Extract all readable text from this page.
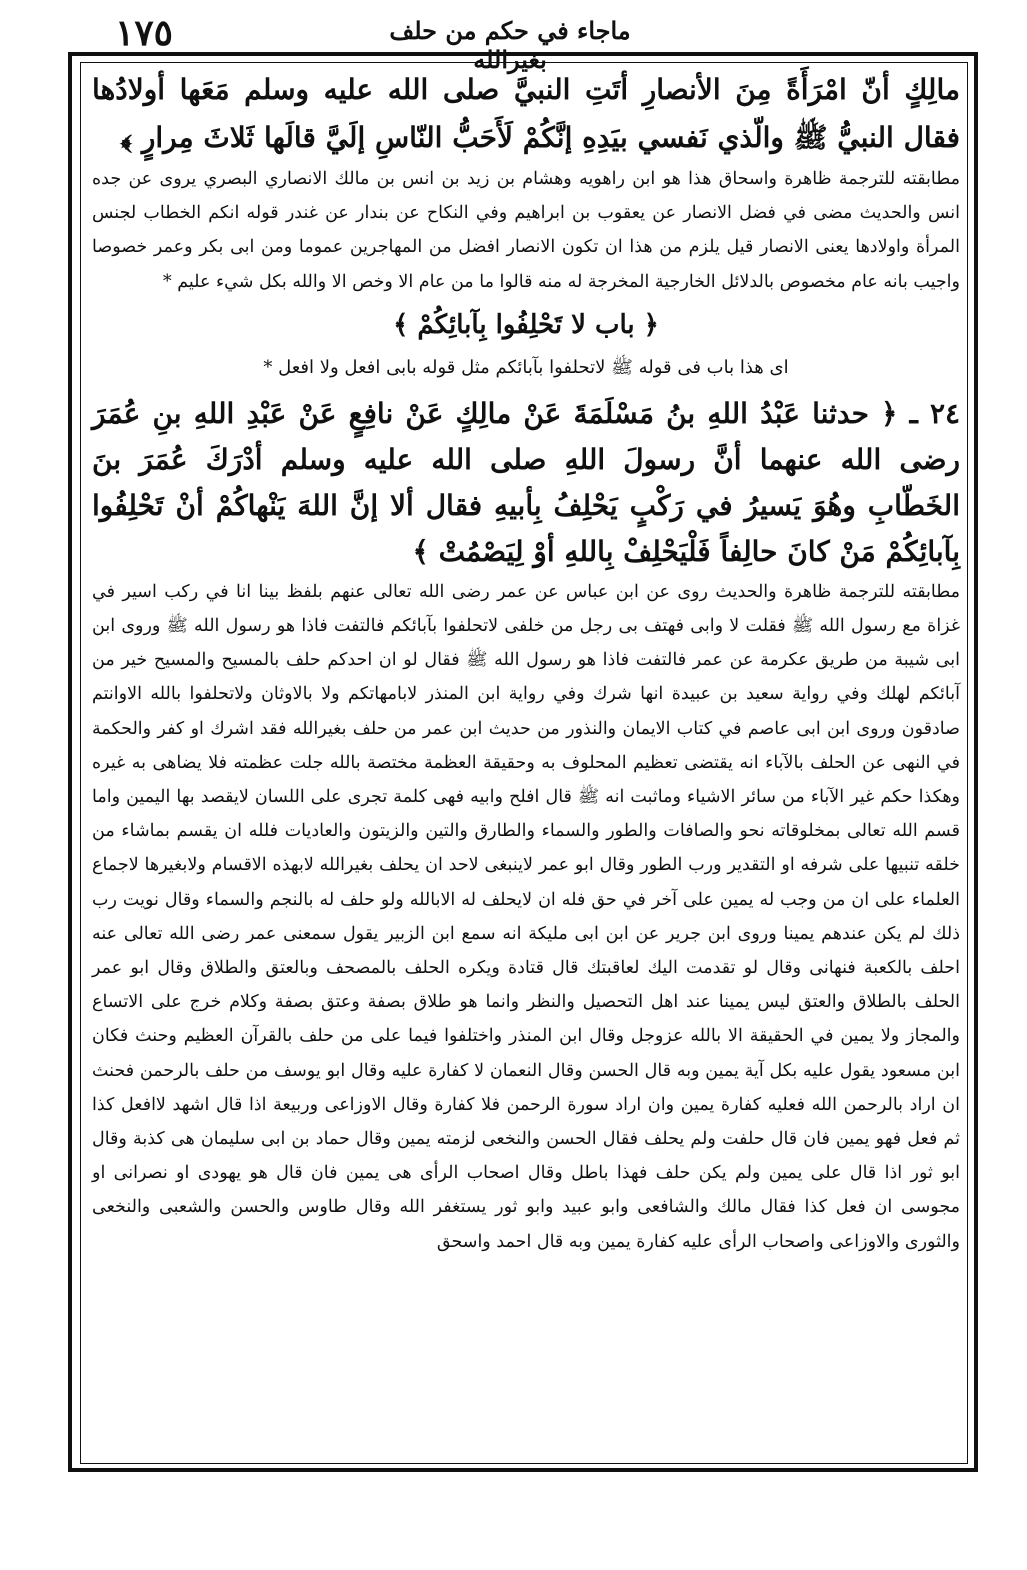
١٧٥	ماجاء في حكم من حلف بغيرالله

مالِكٍ أنّ امْرَأَةً مِنَ الأنصارِ أتَتِ النبيَّ صلى الله عليه وسلم مَعَها أولادُها فقال النبيُّ ﷺ والّذي نَفسي بيَدِهِ إنَّكُمْ لَأَحَبُّ النّاسِ إلَيَّ قالَها ثَلاثَ مِرارٍ ﴾

مطابقته للترجمة ظاهرة واسحاق هذا هو ابن راهويه وهشام بن زيد بن انس بن مالك الانصاري البصري يروى عن جده انس والحديث مضى في فضل الانصار عن يعقوب بن ابراهيم وفي النكاح عن بندار عن غندر قوله انكم الخطاب لجنس المرأة واولادها يعنى الانصار قيل يلزم من هذا ان تكون الانصار افضل من المهاجرين عموما ومن ابى بكر وعمر خصوصا واجيب بانه عام مخصوص بالدلائل الخارجية المخرجة له منه قالوا ما من عام الا وخص الا والله بكل شيء عليم *

﴿ باب لا تَحْلِفُوا بِآبائِكُمْ ﴾

اى هذا باب فى قوله ﷺ لاتحلفوا بآبائكم مثل قوله بابى افعل ولا افعل *

٢٤ ـ ﴿ حدثنا عَبْدُ اللهِ بنُ مَسْلَمَةَ عَنْ مالِكٍ عَنْ نافِعٍ عَنْ عَبْدِ اللهِ بنِ عُمَرَ رضى الله عنهما أنَّ رسولَ اللهِ صلى الله عليه وسلم أدْرَكَ عُمَرَ بنَ الخَطّابِ وهُوَ يَسيرُ في رَكْبٍ يَحْلِفُ بِأبيهِ فقال ألا إنَّ اللهَ يَنْهاكُمْ أنْ تَحْلِفُوا بِآبائِكُمْ مَنْ كانَ حالِفاً فَلْيَحْلِفْ بِاللهِ أوْ لِيَصْمُتْ ﴾

مطابقته للترجمة ظاهرة والحديث روى عن ابن عباس عن عمر رضى الله تعالى عنهم بلفظ بينا انا في ركب اسير في غزاة مع رسول الله ﷺ فقلت لا وابى فهتف بى رجل من خلفى لاتحلفوا بآبائكم فالتفت فاذا هو رسول الله ﷺ وروى ابن ابى شيبة من طريق عكرمة عن عمر فالتفت فاذا هو رسول الله ﷺ فقال لو ان احدكم حلف بالمسيح والمسيح خير من آبائكم لهلك وفي رواية سعيد بن عبيدة انها شرك وفي رواية ابن المنذر لابامهاتكم ولا بالاوثان ولاتحلفوا بالله الاوانتم صادقون وروى ابن ابى عاصم في كتاب الايمان والنذور من حديث ابن عمر من حلف بغيرالله فقد اشرك او كفر والحكمة في النهى عن الحلف بالآباء انه يقتضى تعظيم المحلوف به وحقيقة العظمة مختصة بالله جلت عظمته فلا يضاهى به غيره وهكذا حكم غير الآباء من سائر الاشياء وماثبت انه ﷺ قال افلح وابيه فهى كلمة تجرى على اللسان لايقصد بها اليمين واما قسم الله تعالى بمخلوقاته نحو والصافات والطور والسماء والطارق والتين والزيتون والعاديات فلله ان يقسم بماشاء من خلقه تنبيها على شرفه او التقدير ورب الطور وقال ابو عمر لاينبغى لاحد ان يحلف بغيرالله لابهذه الاقسام ولابغيرها لاجماع العلماء على ان من وجب له يمين على آخر في حق فله ان لايحلف له الابالله ولو حلف له بالنجم والسماء وقال نويت رب ذلك لم يكن عندهم يمينا وروى ابن جرير عن ابن ابى مليكة انه سمع ابن الزبير يقول سمعنى عمر رضى الله تعالى عنه احلف بالكعبة فنهانى وقال لو تقدمت اليك لعاقبتك قال قتادة ويكره الحلف بالمصحف وبالعتق والطلاق وقال ابو عمر الحلف بالطلاق والعتق ليس يمينا عند اهل التحصيل والنظر وانما هو طلاق بصفة وعتق بصفة وكلام خرج على الاتساع والمجاز ولا يمين في الحقيقة الا بالله عزوجل وقال ابن المنذر واختلفوا فيما على من حلف بالقرآن العظيم وحنث فكان ابن مسعود يقول عليه بكل آية يمين وبه قال الحسن وقال النعمان لا كفارة عليه وقال ابو يوسف من حلف بالرحمن فحنث ان اراد بالرحمن الله فعليه كفارة يمين وان اراد سورة الرحمن فلا كفارة وقال الاوزاعى وربيعة اذا قال اشهد لاافعل كذا ثم فعل فهو يمين فان قال حلفت ولم يحلف فقال الحسن والنخعى لزمته يمين وقال حماد بن ابى سليمان هى كذبة وقال ابو ثور اذا قال على يمين ولم يكن حلف فهذا باطل وقال اصحاب الرأى هى يمين فان قال هو يهودى او نصرانى او مجوسى ان فعل كذا فقال مالك والشافعى وابو عبيد وابو ثور يستغفر الله وقال طاوس والحسن والشعبى والنخعى والثورى والاوزاعى واصحاب الرأى عليه كفارة يمين وبه قال احمد واسحق
